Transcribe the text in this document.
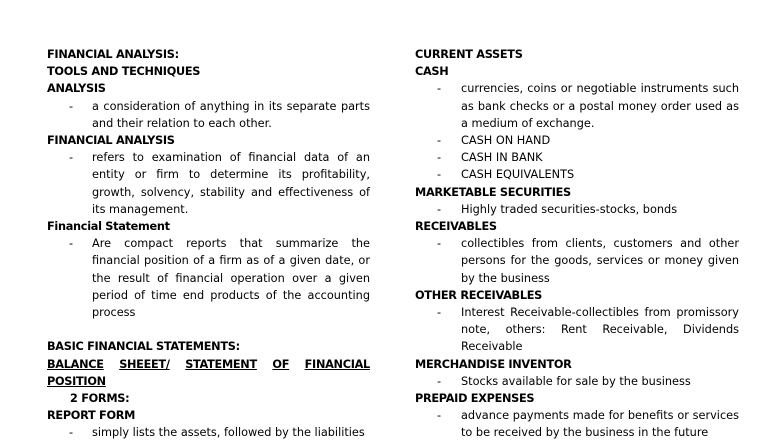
FINANCIAL ANALYSIS:
TOOLS AND TECHNIQUES
ANALYSIS
-	a consideration of anything in its separate parts and their relation to each other.
FINANCIAL ANALYSIS
-	refers to examination of financial data of an entity or firm to determine its profitability, growth, solvency, stability and effectiveness of its management.
Financial Statement
-	Are compact reports that summarize the financial position of a firm as of a given date, or the result of financial operation over a given period of time end products of the accounting process
BASIC FINANCIAL STATEMENTS:
BALANCE SHEEET/ STATEMENT OF FINANCIAL
POSITION
2 FORMS:
REPORT FORM
-	simply lists the assets, followed by the liabilities
CURRENT ASSETS
CASH
-	currencies, coins or negotiable instruments such as bank checks or a postal money order used as a medium of exchange.
-	CASH ON HAND
-	CASH IN BANK
-	CASH EQUIVALENTS
MARKETABLE SECURITIES
-	Highly traded securities-stocks, bonds
RECEIVABLES
-	collectibles from clients, customers and other persons for the goods, services or money given by the business
OTHER RECEIVABLES
-	Interest Receivable-collectibles from promissory note, others: Rent Receivable, Dividends Receivable
MERCHANDISE INVENTOR
-	Stocks available for sale by the business
PREPAID EXPENSES
-	advance payments made for benefits or services to be received by the business in the future
